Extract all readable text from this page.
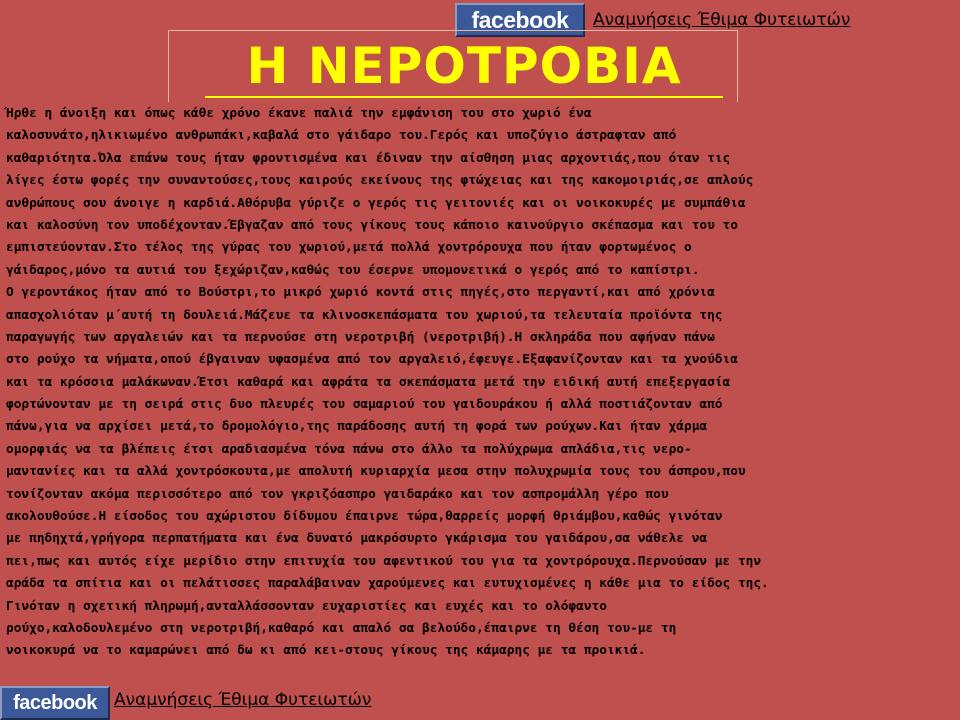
facebook Αναμνήσεις Έθιμα Φυτειωτών
Η ΝΕΡΟΤΡΟΒΙΑ
Ήρθε η άνοιξη και όπως κάθε χρόνο έκανε παλιά την εμφάνιση του στο χωριό ένα
καλοσυνάτο,ηλικιωμένο ανθρωπάκι,καβαλά στο γάιδαρο του.Γερός και υποζύγιο άστραφταν από
καθαριότητα.Όλα επάνω τους ήταν φροντισμένα και έδιναν την αίσθηση μιας αρχοντιάς,που όταν τις
λίγες έστω φορές την συναντούσες,τους καιρούς εκείνους της φτώχειας και της κακομοιριάς,σε απλούς
ανθρώπους σου άνοιγε η καρδιά.Αθόρυβα γύριζε ο γερός τις γειτονιές και οι νοικοκυρές με συμπάθια
και καλοσύνη τον υποδέχονταν.Έβγαζαν από τους γίκους τους κάποιο καινούργιο σκέπασμα και του το
εμπιστεύονταν.Στο τέλος της γύρας του χωριού,μετά πολλά χοντρόρουχα που ήταν φορτωμένος ο
γάιδαρος,μόνο τα αυτιά του ξεχώριζαν,καθώς του έσερνε υπομονετικά ο γερός από το καπίστρι.
Ο γεροντάκος ήταν από το Βούστρι,το μικρό χωριό κοντά στις πηγές,στο περγαντί,και από χρόνια
απασχολιόταν μ΄αυτή τη δουλειά.Μάζευε τα κλινοσκεπάσματα του χωριού,τα τελευταία προϊόντα της
παραγωγής των αργαλειών και τα περνούσε στη νεροτριβή (νεροτριβή).Η σκληράδα που αφήναν πάνω
στο ρούχο τα νήματα,οπού έβγαιναν υφασμένα από τον αργαλειό,έφευγε.Εξαφανίζονταν και τα χνούδια
και τα κρόσσια μαλάκωναν.Έτσι καθαρά και αφράτα τα σκεπάσματα μετά την ειδική αυτή επεξεργασία
φορτώνονταν με τη σειρά στις δυο πλευρές του σαμαριού του γαιδουράκου ή αλλά ποστιάζονταν από
πάνω,για να αρχίσει μετά,το δρομολόγιο,της παράδοσης αυτή τη φορά των ρούχων.Και ήταν χάρμα
ομορφιάς να τα βλέπεις έτσι αραδιασμένα τόνα πάνω στο άλλο τα πολύχρωμα απλάδια,τις νερο-
μαντανίες και τα αλλά χοντρόσκουτα,με απολυτή κυριαρχία μεσα στην πολυχρωμία τους του άσπρου,που
τονίζονταν ακόμα περισσότερο από τον γκριζόασπρο γαιδαράκο και τον ασπρομάλλη γέρο που
ακολουθούσε.Η είσοδος του αχώριστου δίδυμου έπαιρνε τώρα,θαρρείς μορφή θριάμβου,καθώς γινόταν
με πηδηχτά,γρήγορα περπατήματα και ένα δυνατό μακρόσυρτο γκάρισμα του γαιδάρου,σα νάθελε να
πει,πως και αυτός είχε μερίδιο στην επιτυχία του αφεντικού του για τα χοντρόρουχα.Περνούσαν με την
αράδα τα σπίτια και οι πελάτισσες παραλάβαιναν χαρούμενες και ευτυχισμένες η κάθε μια το είδος της.
Γινόταν η σχετική πληρωμή,ανταλλάσσονταν ευχαριστίες και ευχές και το ολόφαντο
ρούχο,καλοδουλεμένο στη νεροτριβή,καθαρό και απαλό σα βελούδο,έπαιρνε τη θέση του-με τη
νοικοκυρά να το καμαρώνει από δω κι από κει-στους γίκους της κάμαρης με τα προικιά.
facebook Αναμνήσεις Έθιμα Φυτειωτών
